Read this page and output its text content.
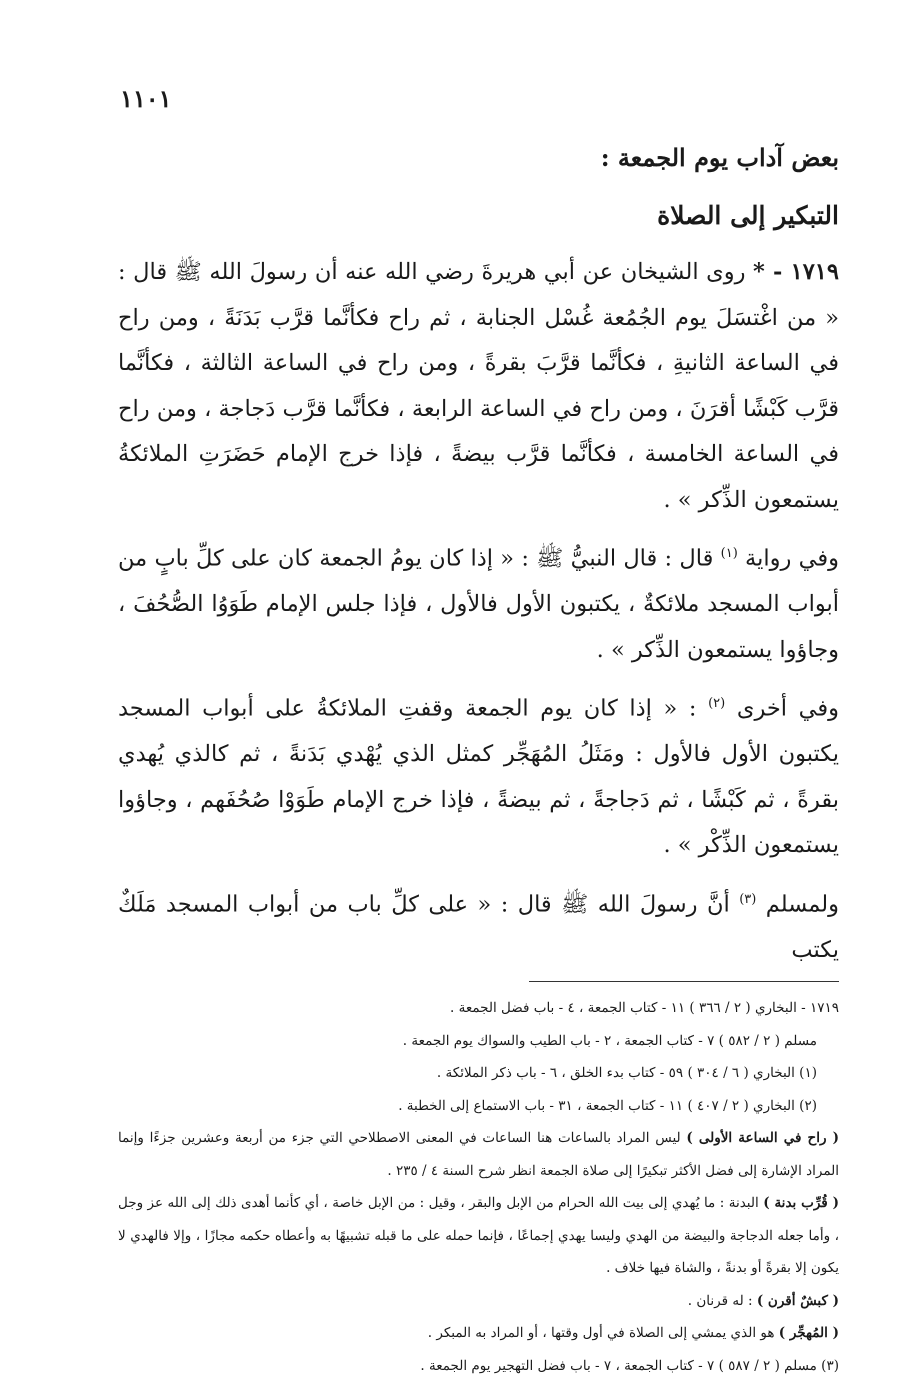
١١٠١
بعض آداب يوم الجمعة :
التبكير إلى الصلاة

١٧١٩ - * روى الشيخان عن أبي هريرةَ رضي الله عنه أن رسولَ الله ﷺ قال : « من اغْتسَلَ يوم الجُمُعة غُسْل الجنابة ، ثم راح فكأنَّما قرَّب بَدَنَةً ، ومن راح في الساعة الثانيةِ ، فكأنَّما قرَّبَ بقرةً ، ومن راح في الساعة الثالثة ، فكأنَّما قرَّب كَبْشًا أقرَنَ ، ومن راح في الساعة الرابعة ، فكأنَّما قرَّب دَجاجة ، ومن راح في الساعة الخامسة ، فكأنَّما قرَّب بيضةً ، فإذا خرج الإمام حَضَرَتِ الملائكةُ يستمعون الذِّكر » .

وفي رواية $^{(١)}$ قال : قال النبيُّ ﷺ : « إذا كان يومُ الجمعة كان على كلِّ بابٍ من أبواب المسجد ملائكةٌ ، يكتبون الأول فالأول ، فإذا جلس الإمام طَوَوُا الصُّحُفَ ، وجاؤوا يستمعون الذِّكر » .

وفي أخرى $^{(٢)}$ : « إذا كان يوم الجمعة وقفتِ الملائكةُ على أبواب المسجد يكتبون الأول فالأول : ومَثَلُ المُهَجِّر كمثل الذي يُهْدي بَدَنةً ، ثم كالذي يُهدي بقرةً ، ثم كَبْشًا ، ثم دَجاجةً ، ثم بيضةً ، فإذا خرج الإمام طَوَوْا صُحُفَهم ، وجاؤوا يستمعون الذِّكْر » .

ولمسلم $^{(٣)}$ أنَّ رسولَ الله ﷺ قال : « على كلِّ باب من أبواب المسجد مَلَكٌ يكتب

١٧١٩ - البخاري ( ٢ / ٣٦٦ ) ١١ - كتاب الجمعة ، ٤ - باب فضل الجمعة .

مسلم ( ٢ / ٥٨٢ ) ٧ - كتاب الجمعة ، ٢ - باب الطيب والسواك يوم الجمعة .

(١) البخاري ( ٦ / ٣٠٤ ) ٥٩ - كتاب بدء الخلق ، ٦ - باب ذكر الملائكة .

(٢) البخاري ( ٢ / ٤٠٧ ) ١١ - كتاب الجمعة ، ٣١ - باب الاستماع إلى الخطبة .

( راح في الساعة الأولى ) ليس المراد بالساعات هنا الساعات في المعنى الاصطلاحي التي جزء من أربعة وعشرين جزءًا وإنما المراد الإشارة إلى فضل الأكثر تبكيرًا إلى صلاة الجمعة انظر شرح السنة ٤ / ٢٣٥ .

( قُرِّب بدنة ) البدنة : ما يُهدي إلى بيت الله الحرام من الإبل والبقر ، وقيل : من الإبل خاصة ، أي كأنما أهدى ذلك إلى الله عز وجل ، وأما جعله الدجاجة والبيضة من الهدي وليسا يهدي إجماعًا ، فإنما حمله على ما قبله تشبيهًا به وأعطاه حكمه مجازًا ، وإلا فالهدي لا يكون إلا بقرةً أو بدنةً ، والشاة فيها خلاف .

( كبشٌ أقرن ) : له قرنان .

( المُهجِّر ) هو الذي يمشي إلى الصلاة في أول وقتها ، أو المراد به المبكر .

(٣) مسلم ( ٢ / ٥٨٧ ) ٧ - كتاب الجمعة ، ٧ - باب فضل التهجير يوم الجمعة .
